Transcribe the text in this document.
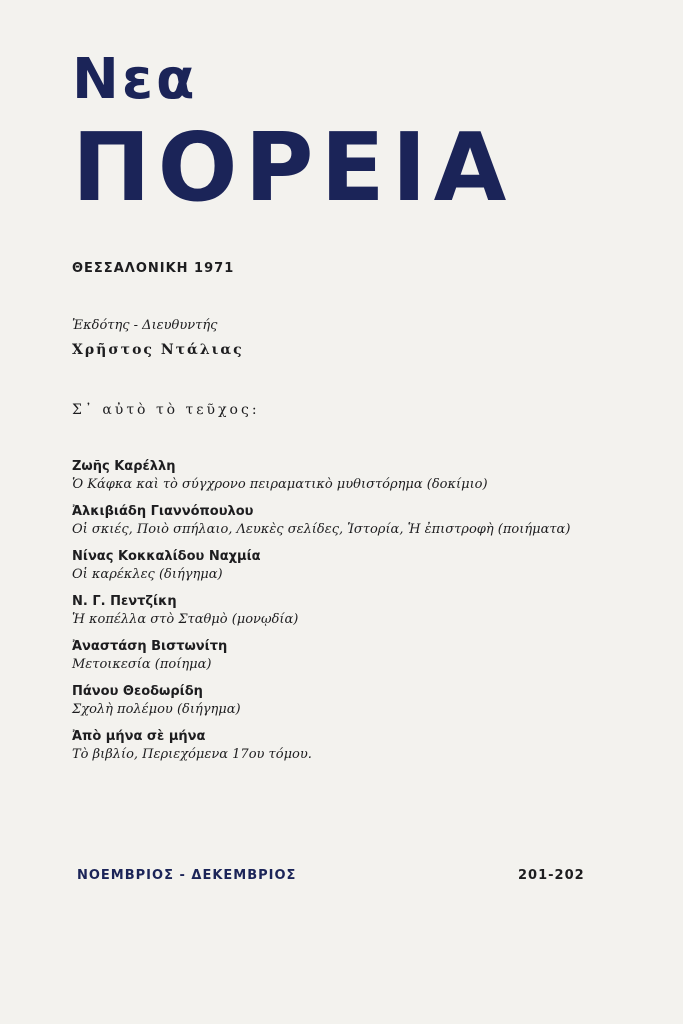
Νεα
ΠΟΡΕΙΑ
ΘΕΣΣΑΛΟΝΙΚΗ 1971
Ἐκδότης - Διευθυντής
Χρῆστος Ντάλιας
Σ᾽ αὐτὸ τὸ τεῦχος:
Ζωῆς Καρέλλη
Ὁ Κάφκα καὶ τὸ σύγχρονο πειραματικὸ μυθιστόρημα (δοκίμιο)
Ἀλκιβιάδη Γιαννόπουλου
Οἱ σκιές, Ποιὸ σπήλαιο, Λευκὲς σελίδες, Ἱστορία, Ἡ ἐπιστροφὴ (ποιήματα)
Νίνας Κοκκαλίδου Ναχμία
Οἱ καρέκλες (διήγημα)
Ν. Γ. Πεντζίκη
Ἡ κοπέλλα στὸ Σταθμὸ (μονῳδία)
Ἀναστάση Βιστωνίτη
Μετοικεσία (ποίημα)
Πάνου Θεοδωρίδη
Σχολὴ πολέμου (διήγημα)
Ἀπὸ μήνα σὲ μήνα
Τὸ βιβλίο, Περιεχόμενα 17ου τόμου.
ΝΟΕΜΒΡΙΟΣ - ΔΕΚΕΜΒΡΙΟΣ	201-202
